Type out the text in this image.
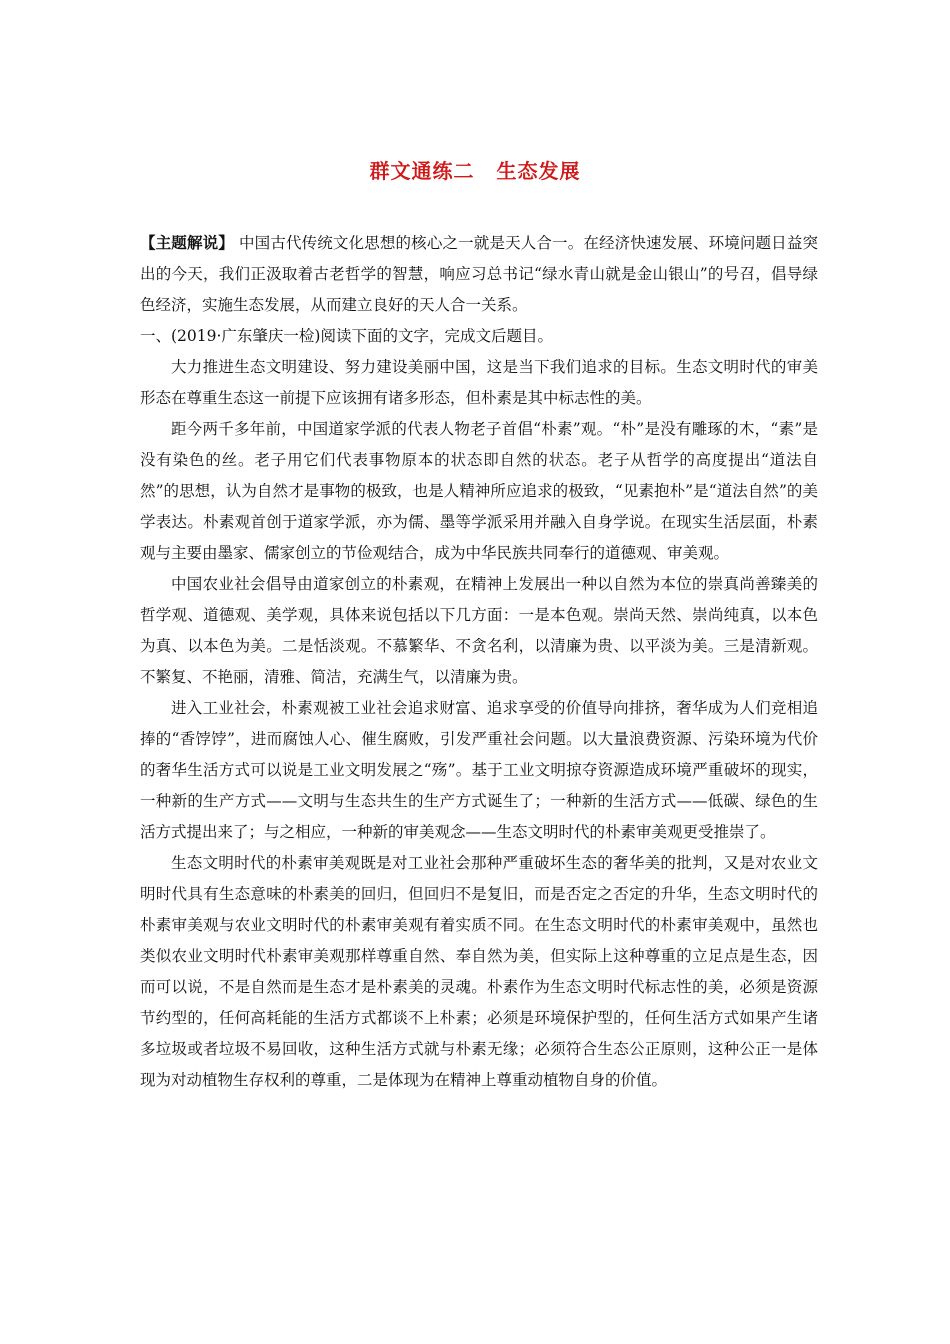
群文通练二 生态发展

【主题解说】 中国古代传统文化思想的核心之一就是天人合一。在经济快速发展、环境问题日益突出的今天，我们正汲取着古老哲学的智慧，响应习总书记“绿水青山就是金山银山”的号召，倡导绿色经济，实施生态发展，从而建立良好的天人合一关系。

一、(2019·广东肇庆一检)阅读下面的文字，完成文后题目。

大力推进生态文明建设、努力建设美丽中国，这是当下我们追求的目标。生态文明时代的审美形态在尊重生态这一前提下应该拥有诸多形态，但朴素是其中标志性的美。

距今两千多年前，中国道家学派的代表人物老子首倡“朴素”观。“朴”是没有雕琢的木，“素”是没有染色的丝。老子用它们代表事物原本的状态即自然的状态。老子从哲学的高度提出“道法自然”的思想，认为自然才是事物的极致，也是人精神所应追求的极致，“见素抱朴”是“道法自然”的美学表达。朴素观首创于道家学派，亦为儒、墨等学派采用并融入自身学说。在现实生活层面，朴素观与主要由墨家、儒家创立的节俭观结合，成为中华民族共同奉行的道德观、审美观。

中国农业社会倡导由道家创立的朴素观，在精神上发展出一种以自然为本位的崇真尚善臻美的哲学观、道德观、美学观，具体来说包括以下几方面：一是本色观。崇尚天然、崇尚纯真，以本色为真、以本色为美。二是恬淡观。不慕繁华、不贪名利，以清廉为贵、以平淡为美。三是清新观。不繁复、不艳丽，清雅、简洁，充满生气，以清廉为贵。

进入工业社会，朴素观被工业社会追求财富、追求享受的价值导向排挤，奢华成为人们竞相追捧的“香饽饽”，进而腐蚀人心、催生腐败，引发严重社会问题。以大量浪费资源、污染环境为代价的奢华生活方式可以说是工业文明发展之“殇”。基于工业文明掠夺资源造成环境严重破坏的现实，一种新的生产方式——文明与生态共生的生产方式诞生了；一种新的生活方式——低碳、绿色的生活方式提出来了；与之相应，一种新的审美观念——生态文明时代的朴素审美观更受推崇了。

生态文明时代的朴素审美观既是对工业社会那种严重破坏生态的奢华美的批判，又是对农业文明时代具有生态意味的朴素美的回归，但回归不是复旧，而是否定之否定的升华，生态文明时代的朴素审美观与农业文明时代的朴素审美观有着实质不同。在生态文明时代的朴素审美观中，虽然也类似农业文明时代朴素审美观那样尊重自然、奉自然为美，但实际上这种尊重的立足点是生态，因而可以说，不是自然而是生态才是朴素美的灵魂。朴素作为生态文明时代标志性的美，必须是资源节约型的，任何高耗能的生活方式都谈不上朴素；必须是环境保护型的，任何生活方式如果产生诸多垃圾或者垃圾不易回收，这种生活方式就与朴素无缘；必须符合生态公正原则，这种公正一是体现为对动植物生存权利的尊重，二是体现为在精神上尊重动植物自身的价值。
